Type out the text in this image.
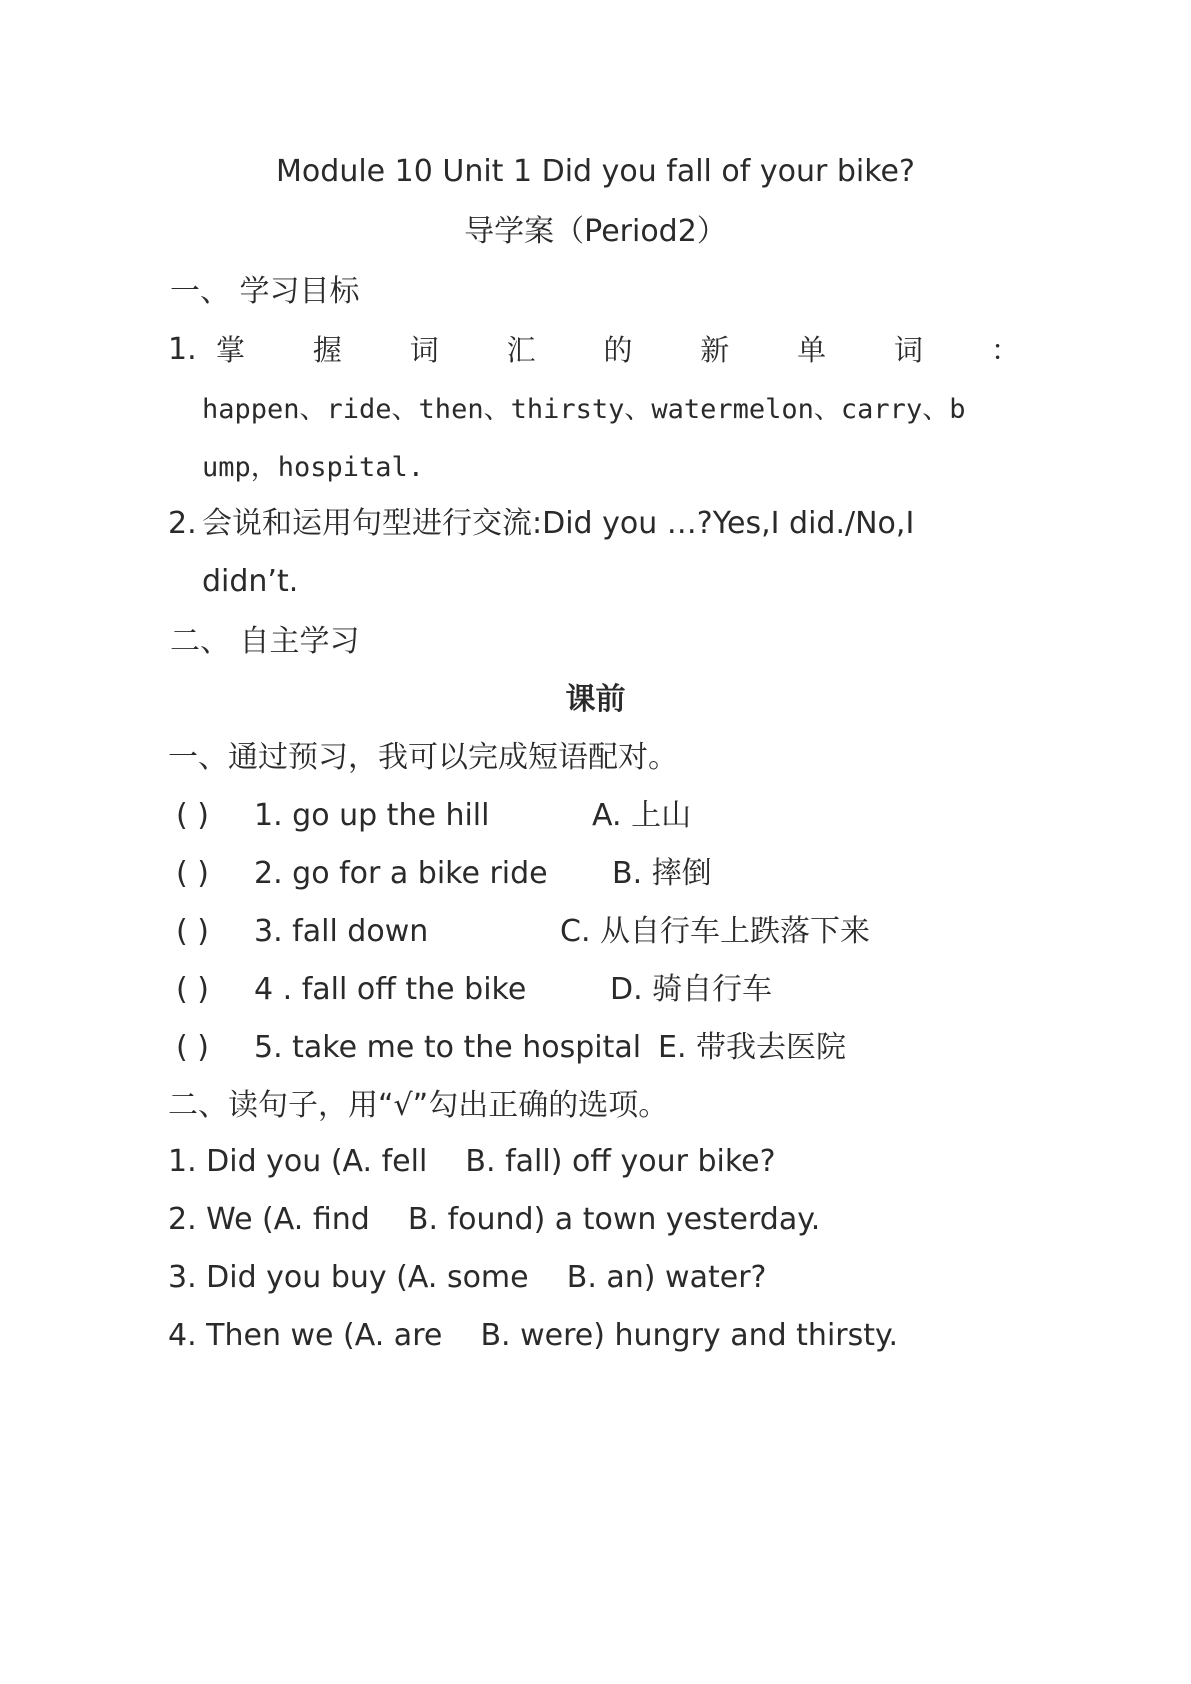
Module 10 Unit 1 Did you fall of your bike?
导学案（Period2）
一、 学习目标
1. 掌 握 词 汇 的 新 单 词 ：
happen、ride、then、thirsty、watermelon、carry、b
ump，hospital.
2. 会说和运用句型进行交流:Did you …?Yes,I did./No,I
didn’t.
二、 自主学习
课前
一、通过预习，我可以完成短语配对。
( ) 1. go up the hill	A. 上山
( ) 2. go for a bike ride B. 摔倒
( ) 3. fall down	C. 从自行车上跌落下来
( ) 4 . fall off the bike	D. 骑自行车
( ) 5. take me to the hospital E. 带我去医院
二、读句子，用“√”勾出正确的选项。
1. Did you (A. fell    B. fall) off your bike?
2. We (A. find    B. found) a town yesterday.
3. Did you buy (A. some    B. an) water?
4. Then we (A. are    B. were) hungry and thirsty.
